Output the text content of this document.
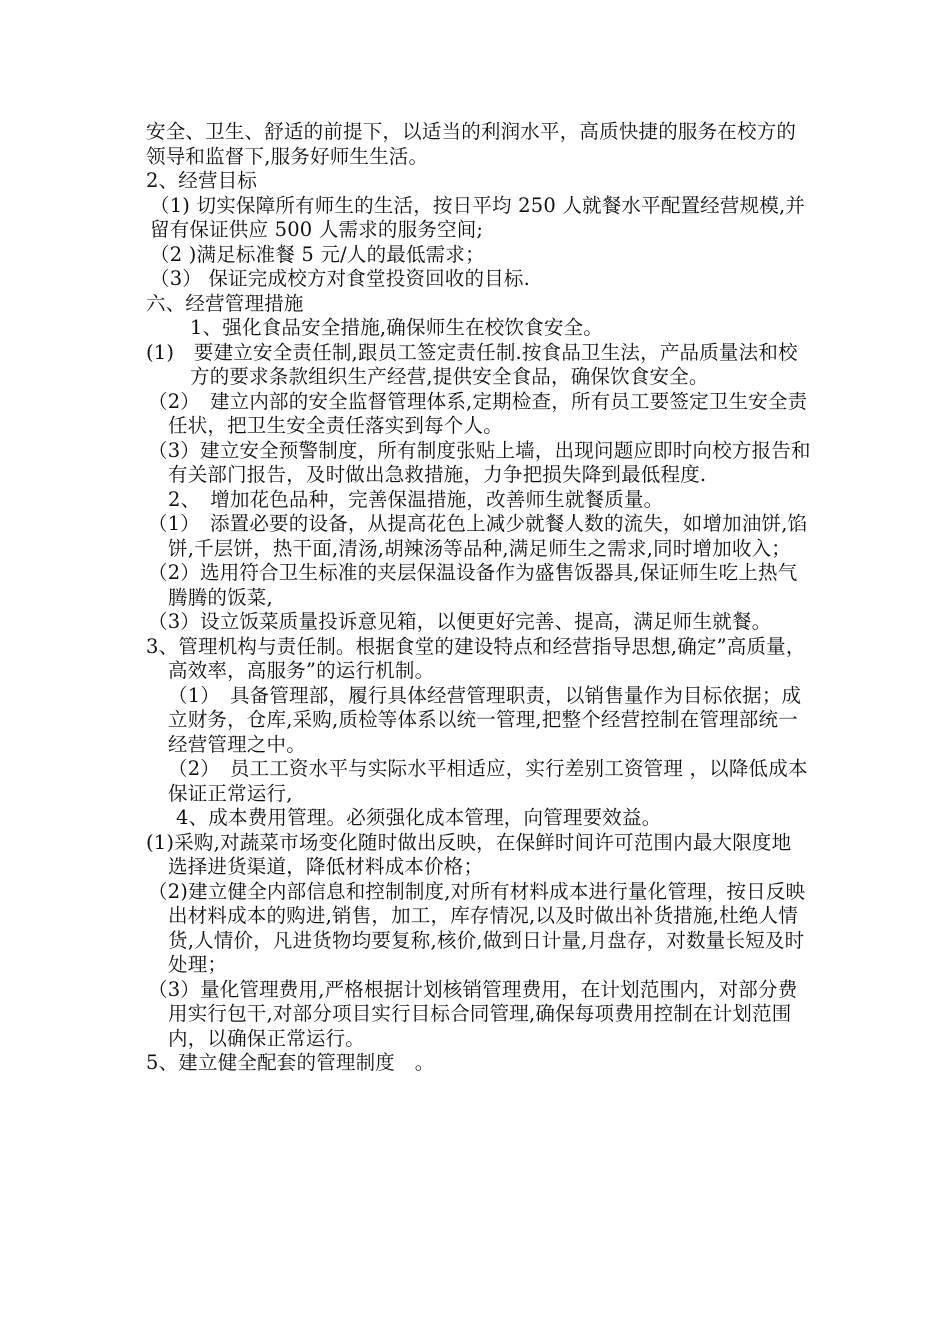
安全、卫生、舒适的前提下，以适当的利润水平，高质快捷的服务在校方的领导和监督下,服务好师生生活。

2、经营目标

（1) 切实保障所有师生的生活，按日平均 250 人就餐水平配置经营规模,并留有保证供应 500 人需求的服务空间;

（2 )满足标准餐 5 元/人的最低需求；

（3） 保证完成校方对食堂投资回收的目标.

六、经营管理措施

1、强化食品安全措施,确保师生在校饮食安全。

(1)　要建立安全责任制,跟员工签定责任制.按食品卫生法，产品质量法和校方的要求条款组织生产经营,提供安全食品，确保饮食安全。

（2）　建立内部的安全监督管理体系,定期检查，所有员工要签定卫生安全责任状，把卫生安全责任落实到每个人。

（3）建立安全预警制度，所有制度张贴上墙，出现问题应即时向校方报告和有关部门报告，及时做出急救措施，力争把损失降到最低程度.

2、　增加花色品种，完善保温措施，改善师生就餐质量。

（1）　添置必要的设备，从提高花色上减少就餐人数的流失，如增加油饼,馅饼,千层饼，热干面,清汤,胡辣汤等品种,满足师生之需求,同时增加收入；

（2）选用符合卫生标准的夹层保温设备作为盛售饭器具,保证师生吃上热气腾腾的饭菜,

（3）设立饭菜质量投诉意见箱，以便更好完善、提高，满足师生就餐。

3、管理机构与责任制。根据食堂的建设特点和经营指导思想,确定”高质量，高效率，高服务”的运行机制。

（1）　具备管理部，履行具体经营管理职责，以销售量作为目标依据；成立财务，仓库,采购,质检等体系以统一管理,把整个经营控制在管理部统一经营管理之中。

（2）　员工工资水平与实际水平相适应，实行差别工资管理 ，以降低成本保证正常运行,

4、成本费用管理。必须强化成本管理，向管理要效益。

(1)采购,对蔬菜市场变化随时做出反映，在保鲜时间许可范围内最大限度地选择进货渠道，降低材料成本价格；

（2)建立健全内部信息和控制制度,对所有材料成本进行量化管理，按日反映出材料成本的购进,销售，加工，库存情况,以及时做出补货措施,杜绝人情货,人情价，凡进货物均要复称,核价,做到日计量,月盘存，对数量长短及时处理；

（3）量化管理费用,严格根据计划核销管理费用，在计划范围内，对部分费用实行包干,对部分项目实行目标合同管理,确保每项费用控制在计划范围内，以确保正常运行。

5、建立健全配套的管理制度　。
